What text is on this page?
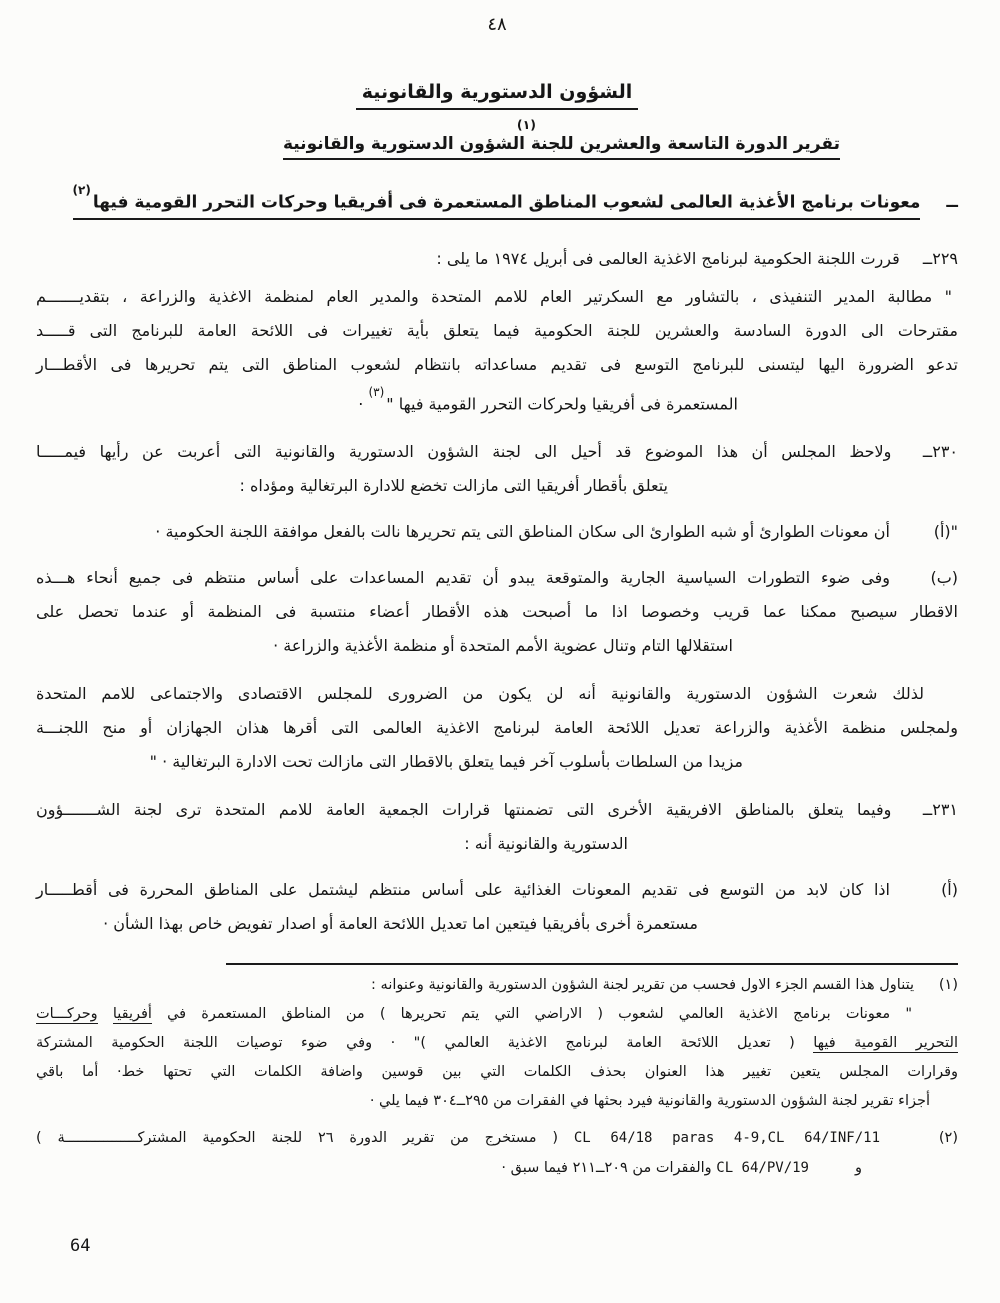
٤٨
الشؤون الدستورية والقانونية
تقرير الدورة التاسعة والعشرين للجنة الشؤون الدستورية والقانونية
(١)
ــ
معونات برنامج الأغذية العالمى لشعوب المناطق المستعمرة فى أفريقيا وحركات التحرر القومية فيها$^{(٢)}$
٢٢٩ــ قررت اللجنة الحكومية لبرنامج الاغذية العالمى فى أبريل ١٩٧٤ ما يلى :
" مطالبة المدير التنفيذى ، بالتشاور مع السكرتير العام للامم المتحدة والمدير العام لمنظمة الاغذية والزراعة ، بتقديـــــــم
مقترحات الى الدورة السادسة والعشرين للجنة الحكومية فيما يتعلق بأية تغييرات فى اللائحة العامة للبرنامج التى قـــــد
تدعو الضرورة اليها ليتسنى للبرنامج التوسع فى تقديم مساعداته بانتظام لشعوب المناطق التى يتم تحريرها فى الأقطـــار
المستعمرة فى أفريقيا ولحركات التحرر القومية فيها "$^{(٣)}$ ·
٢٣٠ــ ولاحظ المجلس أن هذا الموضوع قد أحيل الى لجنة الشؤون الدستورية والقانونية التى أعربت عن رأيها فيمـــــا
يتعلق بأقطار أفريقيا التى مازالت تخضع للادارة البرتغالية ومؤداه :
"(أ)
أن معونات الطوارئ أو شبه الطوارئ الى سكان المناطق التى يتم تحريرها نالت بالفعل موافقة اللجنة الحكومية ·
(ب)
وفى ضوء التطورات السياسية الجارية والمتوقعة يبدو أن تقديم المساعدات على أساس منتظم فى جميع أنحاء هـــذه
الاقطار سيصبح ممكنا عما قريب وخصوصا اذا ما أصبحت هذه الأقطار أعضاء منتسبة فى المنظمة أو عندما تحصل على
استقلالها التام وتنال عضوية الأمم المتحدة أو منظمة الأغذية والزراعة ·
لذلك شعرت الشؤون الدستورية والقانونية أنه لن يكون من الضرورى للمجلس الاقتصادى والاجتماعى للامم المتحدة
ولمجلس منظمة الأغذية والزراعة تعديل اللائحة العامة لبرنامج الاغذية العالمى التى أقرها هذان الجهازان أو منح اللجنـــة
مزيدا من السلطات بأسلوب آخر فيما يتعلق بالاقطار التى مازالت تحت الادارة البرتغالية · "
٢٣١ــ وفيما يتعلق بالمناطق الافريقية الأخرى التى تضمنتها قرارات الجمعية العامة للامم المتحدة ترى لجنة الشـــــــؤون
الدستورية والقانونية أنه :
(أ)
اذا كان لابد من التوسع فى تقديم المعونات الغذائية على أساس منتظم ليشتمل على المناطق المحررة فى أقطـــــار
مستعمرة أخرى بأفريقيا فيتعين اما تعديل اللائحة العامة أو اصدار تفويض خاص بهذا الشأن ·
(١)
يتناول هذا القسم الجزء الاول فحسب من تقرير لجنة الشؤون الدستورية والقانونية وعنوانه :
" معونات برنامج الاغذية العالمي لشعوب ( الاراضي التي يتم تحريرها ) من المناطق المستعمرة في أفريقيا وحركـــات
التحرير القومية فيها ( تعديل اللائحة العامة لبرنامج الاغذية العالمي )" · وفي ضوء توصيات اللجنة الحكومية المشتركة
وقرارات المجلس يتعين تغيير هذا العنوان بحذف الكلمات التي بين قوسين واضافة الكلمات التي تحتها خط· أما باقي
أجزاء تقرير لجنة الشؤون الدستورية والقانونية فيرد بحثها في الفقرات من ٢٩٥ــ٣٠٤ فيما يلي ·
(٢)
CL 64/18 paras 4-9,CL 64/INF/11 ( مستخرج من تقرير الدورة ٢٦ للجنة الحكومية المشتركـــــــــــــــــة )
وCL 64/PV/19 والفقرات من ٢٠٩ــ٢١١ فيما سبق ·
64
